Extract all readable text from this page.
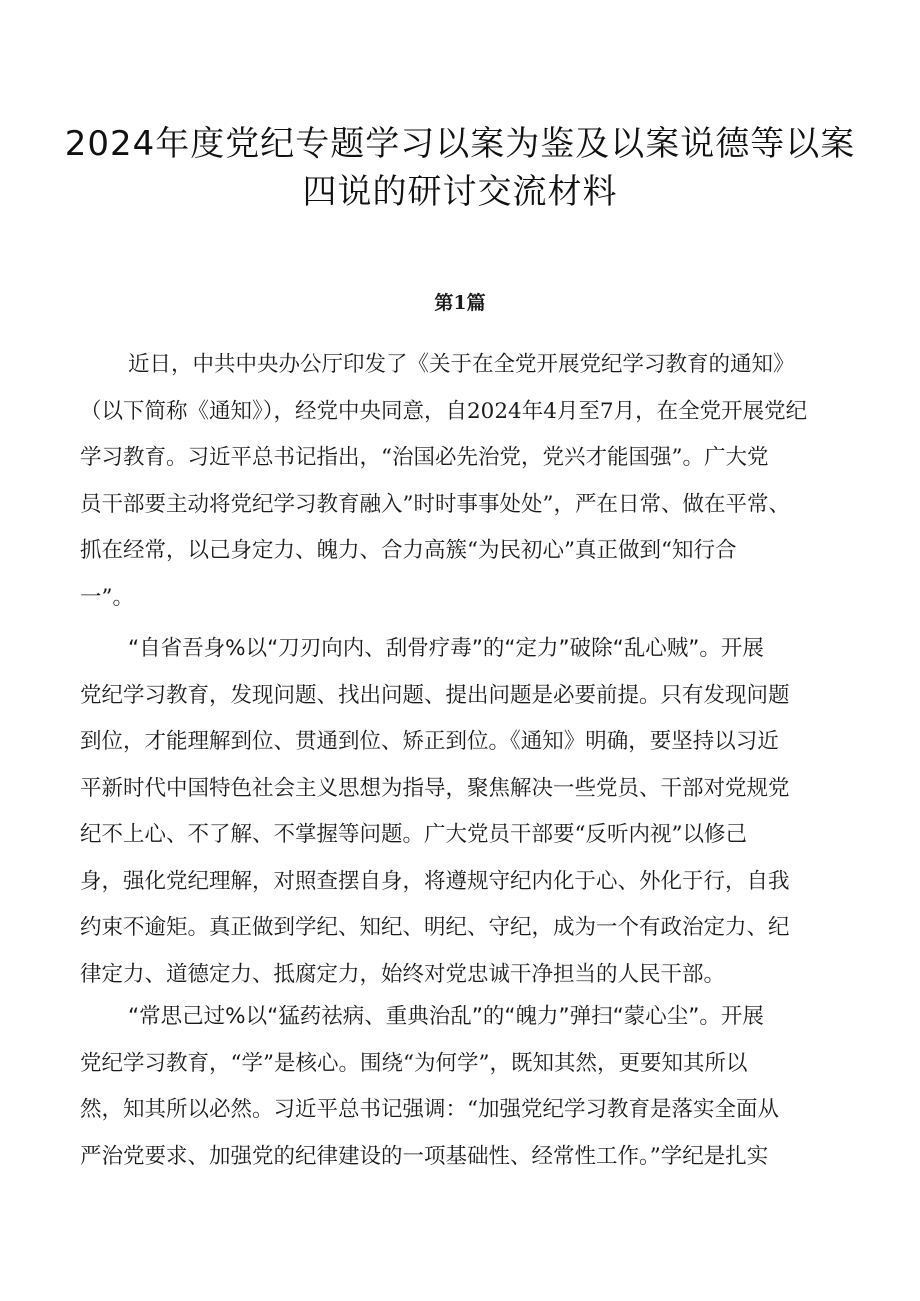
2024年度党纪专题学习以案为鉴及以案说德等以案
四说的研讨交流材料
第1篇

近日，中共中央办公厅印发了《关于在全党开展党纪学习教育的通知》

（以下简称《通知》），经党中央同意，自2024年4月至7月，在全党开展党纪

学习教育。习近平总书记指出，“治国必先治党，党兴才能国强”。广大党

员干部要主动将党纪学习教育融入”时时事事处处”，严在日常、做在平常、

抓在经常，以己身定力、魄力、合力高簇“为民初心”真正做到“知行合

一”。

“自省吾身%以“刀刃向内、刮骨疗毒”的“定力”破除“乱心贼”。开展

党纪学习教育，发现问题、找出问题、提出问题是必要前提。只有发现问题

到位，才能理解到位、贯通到位、矫正到位。《通知》明确，要坚持以习近

平新时代中国特色社会主义思想为指导，聚焦解决一些党员、干部对党规党

纪不上心、不了解、不掌握等问题。广大党员干部要“反听内视”以修己

身，强化党纪理解，对照查摆自身，将遵规守纪内化于心、外化于行，自我

约束不逾矩。真正做到学纪、知纪、明纪、守纪，成为一个有政治定力、纪

律定力、道德定力、抵腐定力，始终对党忠诚干净担当的人民干部。

“常思己过%以“猛药祛病、重典治乱”的“魄力”弹扫“蒙心尘”。开展

党纪学习教育，“学”是核心。围绕“为何学”，既知其然，更要知其所以

然，知其所以必然。习近平总书记强调：“加强党纪学习教育是落实全面从

严治党要求、加强党的纪律建设的一项基础性、经常性工作。”学纪是扎实
